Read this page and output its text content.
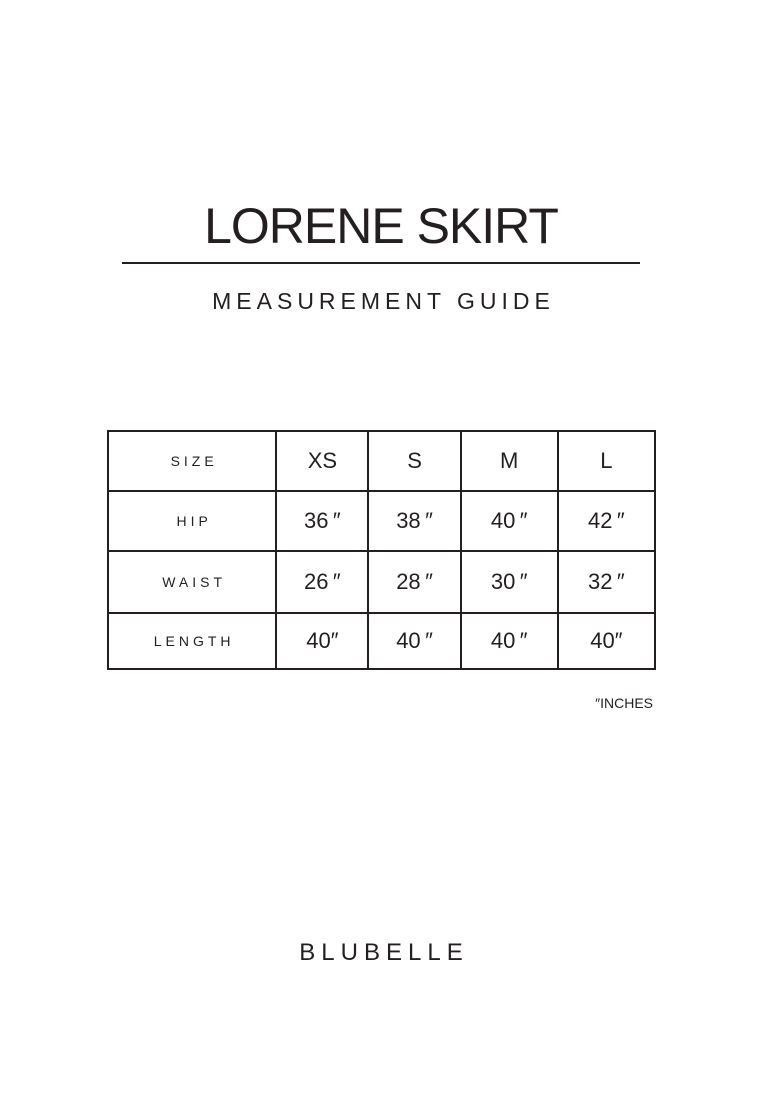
LORENE SKIRT
MEASUREMENT GUIDE
SIZE	XS	S	M	L
HIP	36 ″	38 ″	40 ″	42 ″
WAIST	26 ″	28 ″	30 ″	32 ″
LENGTH	40″	40 ″	40 ″	40″
″INCHES
BLUBELLE
